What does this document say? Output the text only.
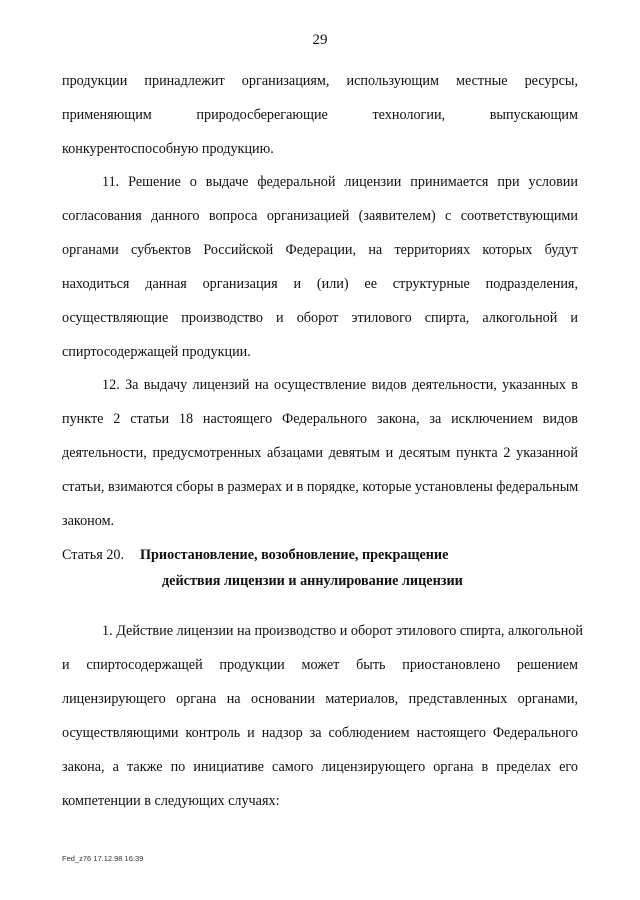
29
продукции принадлежит организациям, использующим местные ресурсы,
применяющим природосберегающие технологии, выпускающим
конкурентоспособную продукцию.
11. Решение о выдаче федеральной лицензии принимается при условии
согласования данного вопроса организацией (заявителем) с соответствующими
органами субъектов Российской Федерации, на территориях которых будут
находиться данная организация и (или) ее структурные подразделения,
осуществляющие производство и оборот этилового спирта, алкогольной и
спиртосодержащей продукции.
12. За выдачу лицензий на осуществление видов деятельности, указанных в
пункте 2 статьи 18 настоящего Федерального закона, за исключением видов
деятельности, предусмотренных абзацами девятым и десятым пункта 2 указанной
статьи, взимаются сборы в размерах и в порядке, которые установлены федеральным
законом.
Статья 20. Приостановление, возобновление, прекращение
действия лицензии и аннулирование лицензии
1. Действие лицензии на производство и оборот этилового спирта, алкогольной
и спиртосодержащей продукции может быть приостановлено решением
лицензирующего органа на основании материалов, представленных органами,
осуществляющими контроль и надзор за соблюдением настоящего Федерального
закона, а также по инициативе самого лицензирующего органа в пределах его
компетенции в следующих случаях:
Fed_z76 17.12.98 16:39
